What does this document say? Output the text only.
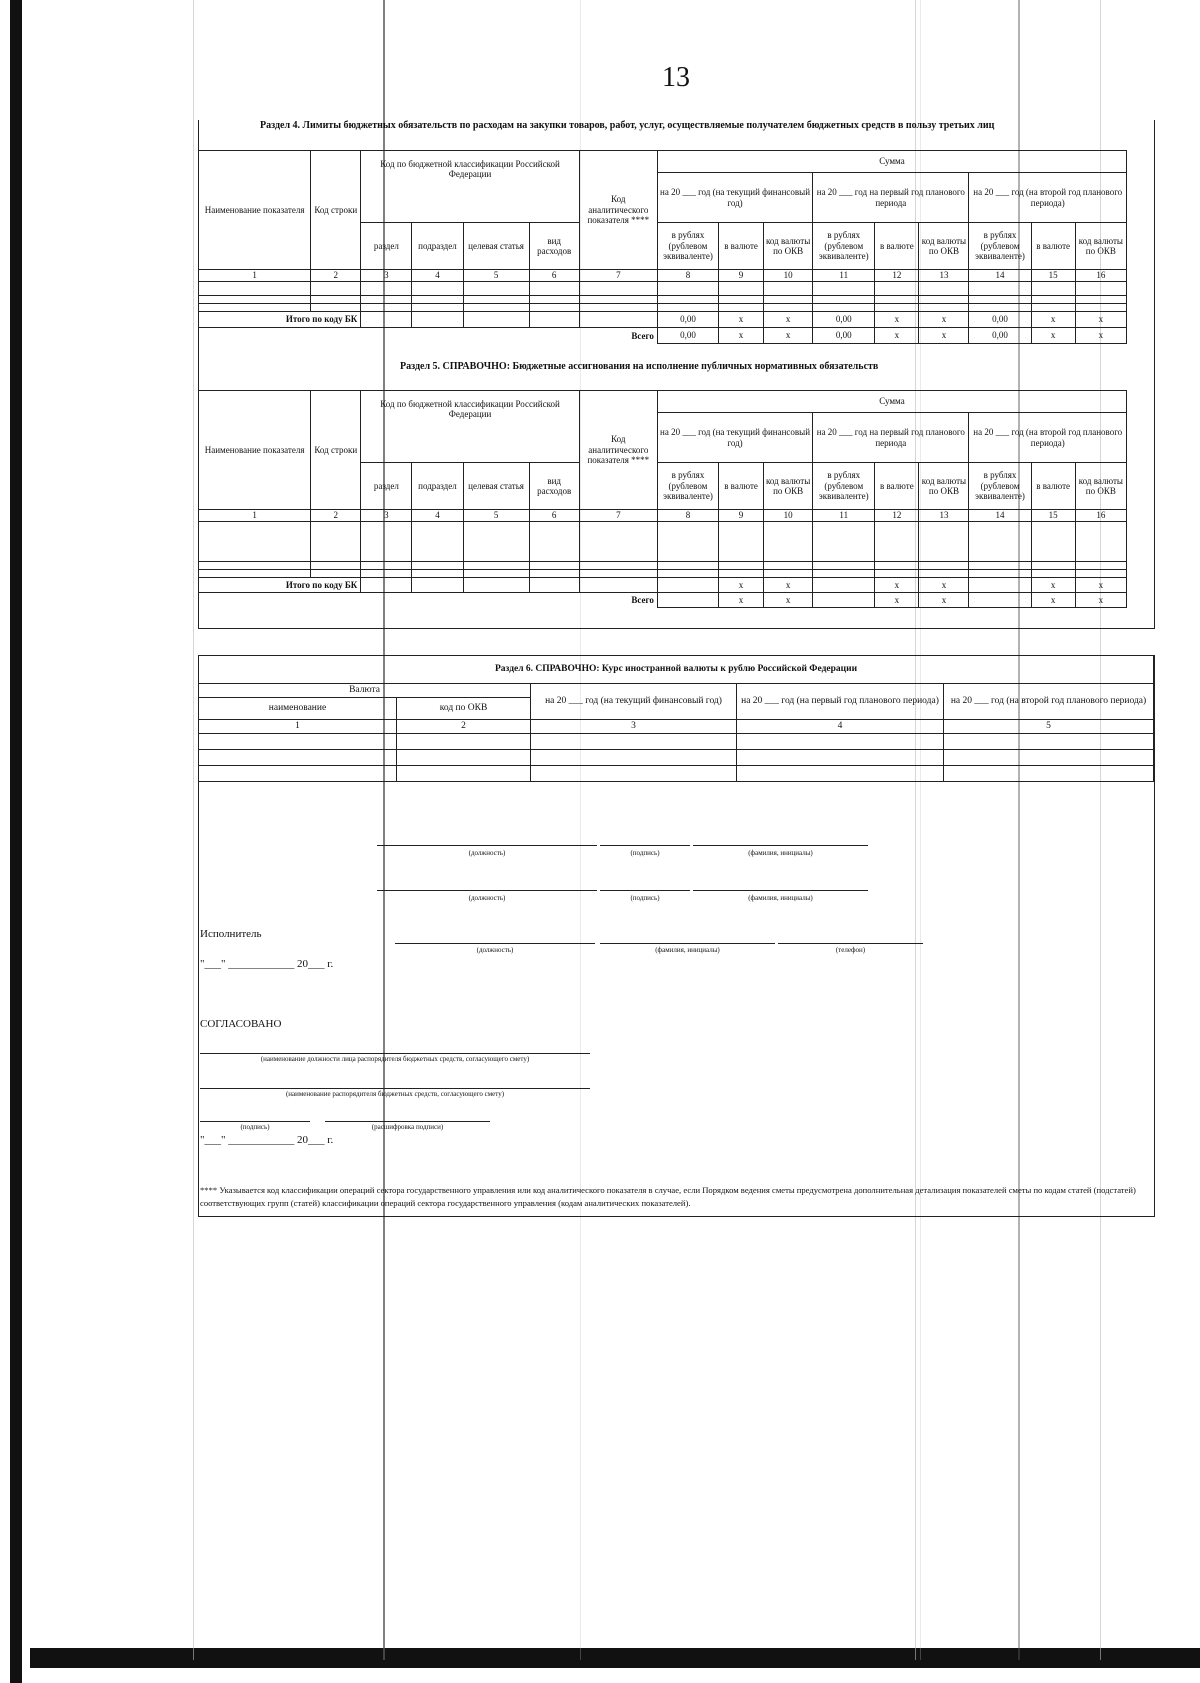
13
Раздел 4. Лимиты бюджетных обязательств по расходам на закупки товаров, работ, услуг, осуществляемые получателем бюджетных средств в пользу третьих лиц
Наименование показателя	Код строки	Код по бюджетной классификации Российской Федерации				Код аналитического показателя ****	Сумма								
							на 20 ___ год (на текущий финансовый год)			на 20 ___ год на первый год планового периода			на 20 ___ год (на второй год планового периода)		
		раздел	подраздел	целевая статья	вид расходов		в рублях (рублевом эквиваленте)	в валюте	код валюты по ОКВ	в рублях (рублевом эквиваленте)	в валюте	код валюты по ОКВ	в рублях (рублевом эквиваленте)	в валюте	код валюты по ОКВ
1	2	3	4	5	6	7	8	9	10	11	12	13	14	15	16

Итого по коду БК							0,00	x	x	0,00	x	x	0,00	x	x
Всего							0,00	x	x	0,00	x	x	0,00	x	x
Раздел 5. СПРАВОЧНО: Бюджетные ассигнования на исполнение публичных нормативных обязательств
Наименование показателя	Код строки	Код по бюджетной классификации Российской Федерации				Код аналитического показателя ****	Сумма								
							на 20 ___ год (на текущий финансовый год)			на 20 ___ год на первый год планового периода			на 20 ___ год (на второй год планового периода)		
		раздел	подраздел	целевая статья	вид расходов		в рублях (рублевом эквиваленте)	в валюте	код валюты по ОКВ	в рублях (рублевом эквиваленте)	в валюте	код валюты по ОКВ	в рублях (рублевом эквиваленте)	в валюте	код валюты по ОКВ
1	2	3	4	5	6	7	8	9	10	11	12	13	14	15	16

Итого по коду БК								x	x		x	x		x	x
Всего								x	x		x	x		x	x
Раздел 6. СПРАВОЧНО: Курс иностранной валюты к рублю Российской Федерации				
Валюта		на 20 ___ год (на текущий финансовый год)	на 20 ___ год (на первый год планового периода)	на 20 ___ год (на второй год планового периода)
наименование	код по ОКВ			
1	2	3	4	5

(должность)	(подпись)	(фамилия, инициалы)
(должность)	(подпись)	(фамилия, инициалы)
Исполнитель
(должность)	(фамилия, инициалы)	(телефон)
"___" ____________ 20___ г.
СОГЛАСОВАНО
(наименование должности лица распорядителя бюджетных средств, согласующего смету)
(наименование распорядителя бюджетных средств, согласующего смету)
(подпись)	(расшифровка подписи)
"___" ____________ 20___ г.
**** Указывается код классификации операций сектора государственного управления или код аналитического показателя в случае, если Порядком ведения сметы предусмотрена дополнительная детализация показателей сметы по кодам статей (подстатей) соответствующих групп (статей) классификации операций сектора государственного управления (кодам аналитических показателей).
